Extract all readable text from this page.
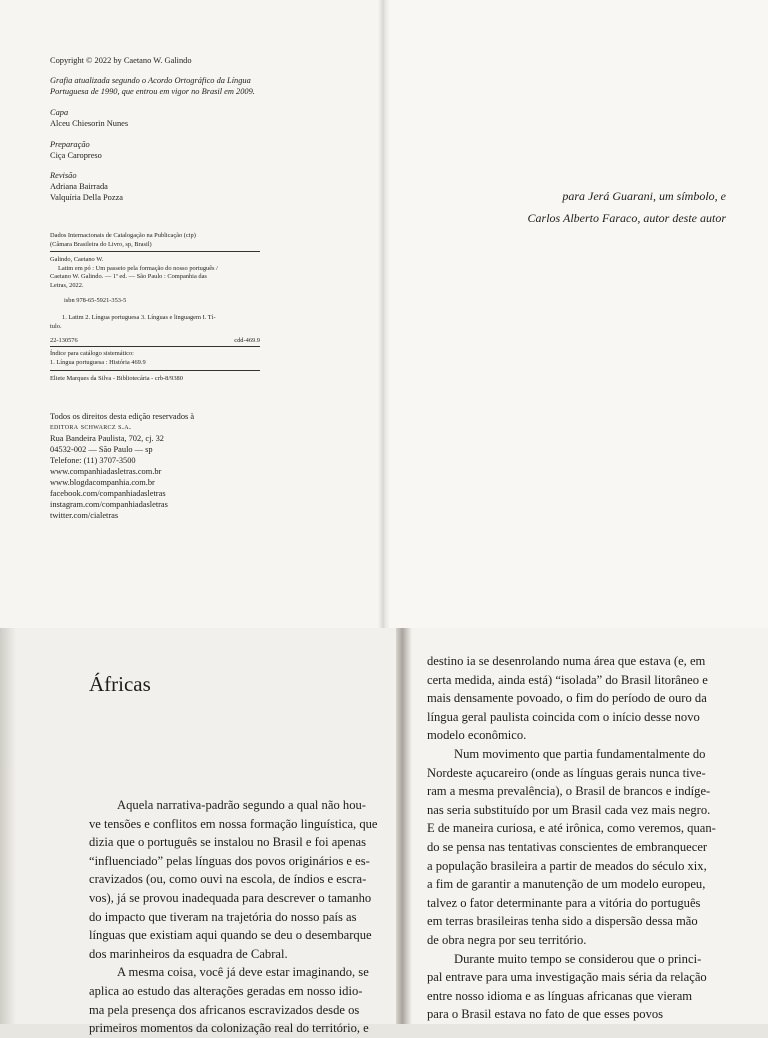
Copyright © 2022 by Caetano W. Galindo
Grafia atualizada segundo o Acordo Ortográfico da Língua
Portuguesa de 1990, que entrou em vigor no Brasil em 2009.
Capa
Alceu Chiesorin Nunes
Preparação
Ciça Caropreso
Revisão
Adriana Bairrada
Valquíria Della Pozza
Dados Internacionais de Catalogação na Publicação (cip)
(Câmara Brasileira do Livro, sp, Brasil)
Galindo, Caetano W.
Latim em pó : Um passeio pela formação do nosso português /
Caetano W. Galindo. — 1ª ed. — São Paulo : Companhia das
Letras, 2022.
isbn 978-65-5921-353-5
1. Latim 2. Língua portuguesa 3. Línguas e linguagem I. Tí-
tulo.
22-130576	cdd-469.9
Índice para catálogo sistemático:
1. Língua portuguesa : História 469.9
Eliete Marques da Silva - Bibliotecária - crb-8/9380
Todos os direitos desta edição reservados à
editora schwarcz s.a.
Rua Bandeira Paulista, 702, cj. 32
04532-002 — São Paulo — sp
Telefone: (11) 3707-3500
www.companhiadasletras.com.br
www.blogdacompanhia.com.br
facebook.com/companhiadasletras
instagram.com/companhiadasletras
twitter.com/cialetras
para Jerá Guarani, um símbolo, e
Carlos Alberto Faraco, autor deste autor
Áfricas
Aquela narrativa-padrão segundo a qual não hou-
ve tensões e conflitos em nossa formação linguística, que
dizia que o português se instalou no Brasil e foi apenas
“influenciado” pelas línguas dos povos originários e es-
cravizados (ou, como ouvi na escola, de índios e escra-
vos), já se provou inadequada para descrever o tamanho
do impacto que tiveram na trajetória do nosso país as
línguas que existiam aqui quando se deu o desembarque
dos marinheiros da esquadra de Cabral.
A mesma coisa, você já deve estar imaginando, se
aplica ao estudo das alterações geradas em nosso idio-
ma pela presença dos africanos escravizados desde os
primeiros momentos da colonização real do território, e
destino ia se desenrolando numa área que estava (e, em
certa medida, ainda está) “isolada” do Brasil litorâneo e
mais densamente povoado, o fim do período de ouro da
língua geral paulista coincida com o início desse novo
modelo econômico.
Num movimento que partia fundamentalmente do
Nordeste açucareiro (onde as línguas gerais nunca tive-
ram a mesma prevalência), o Brasil de brancos e indíge-
nas seria substituído por um Brasil cada vez mais negro.
E de maneira curiosa, e até irônica, como veremos, quan-
do se pensa nas tentativas conscientes de embranquecer
a população brasileira a partir de meados do século xix,
a fim de garantir a manutenção de um modelo europeu,
talvez o fator determinante para a vitória do português
em terras brasileiras tenha sido a dispersão dessa mão
de obra negra por seu território.
Durante muito tempo se considerou que o princi-
pal entrave para uma investigação mais séria da relação
entre nosso idioma e as línguas africanas que vieram
para o Brasil estava no fato de que esses povos
